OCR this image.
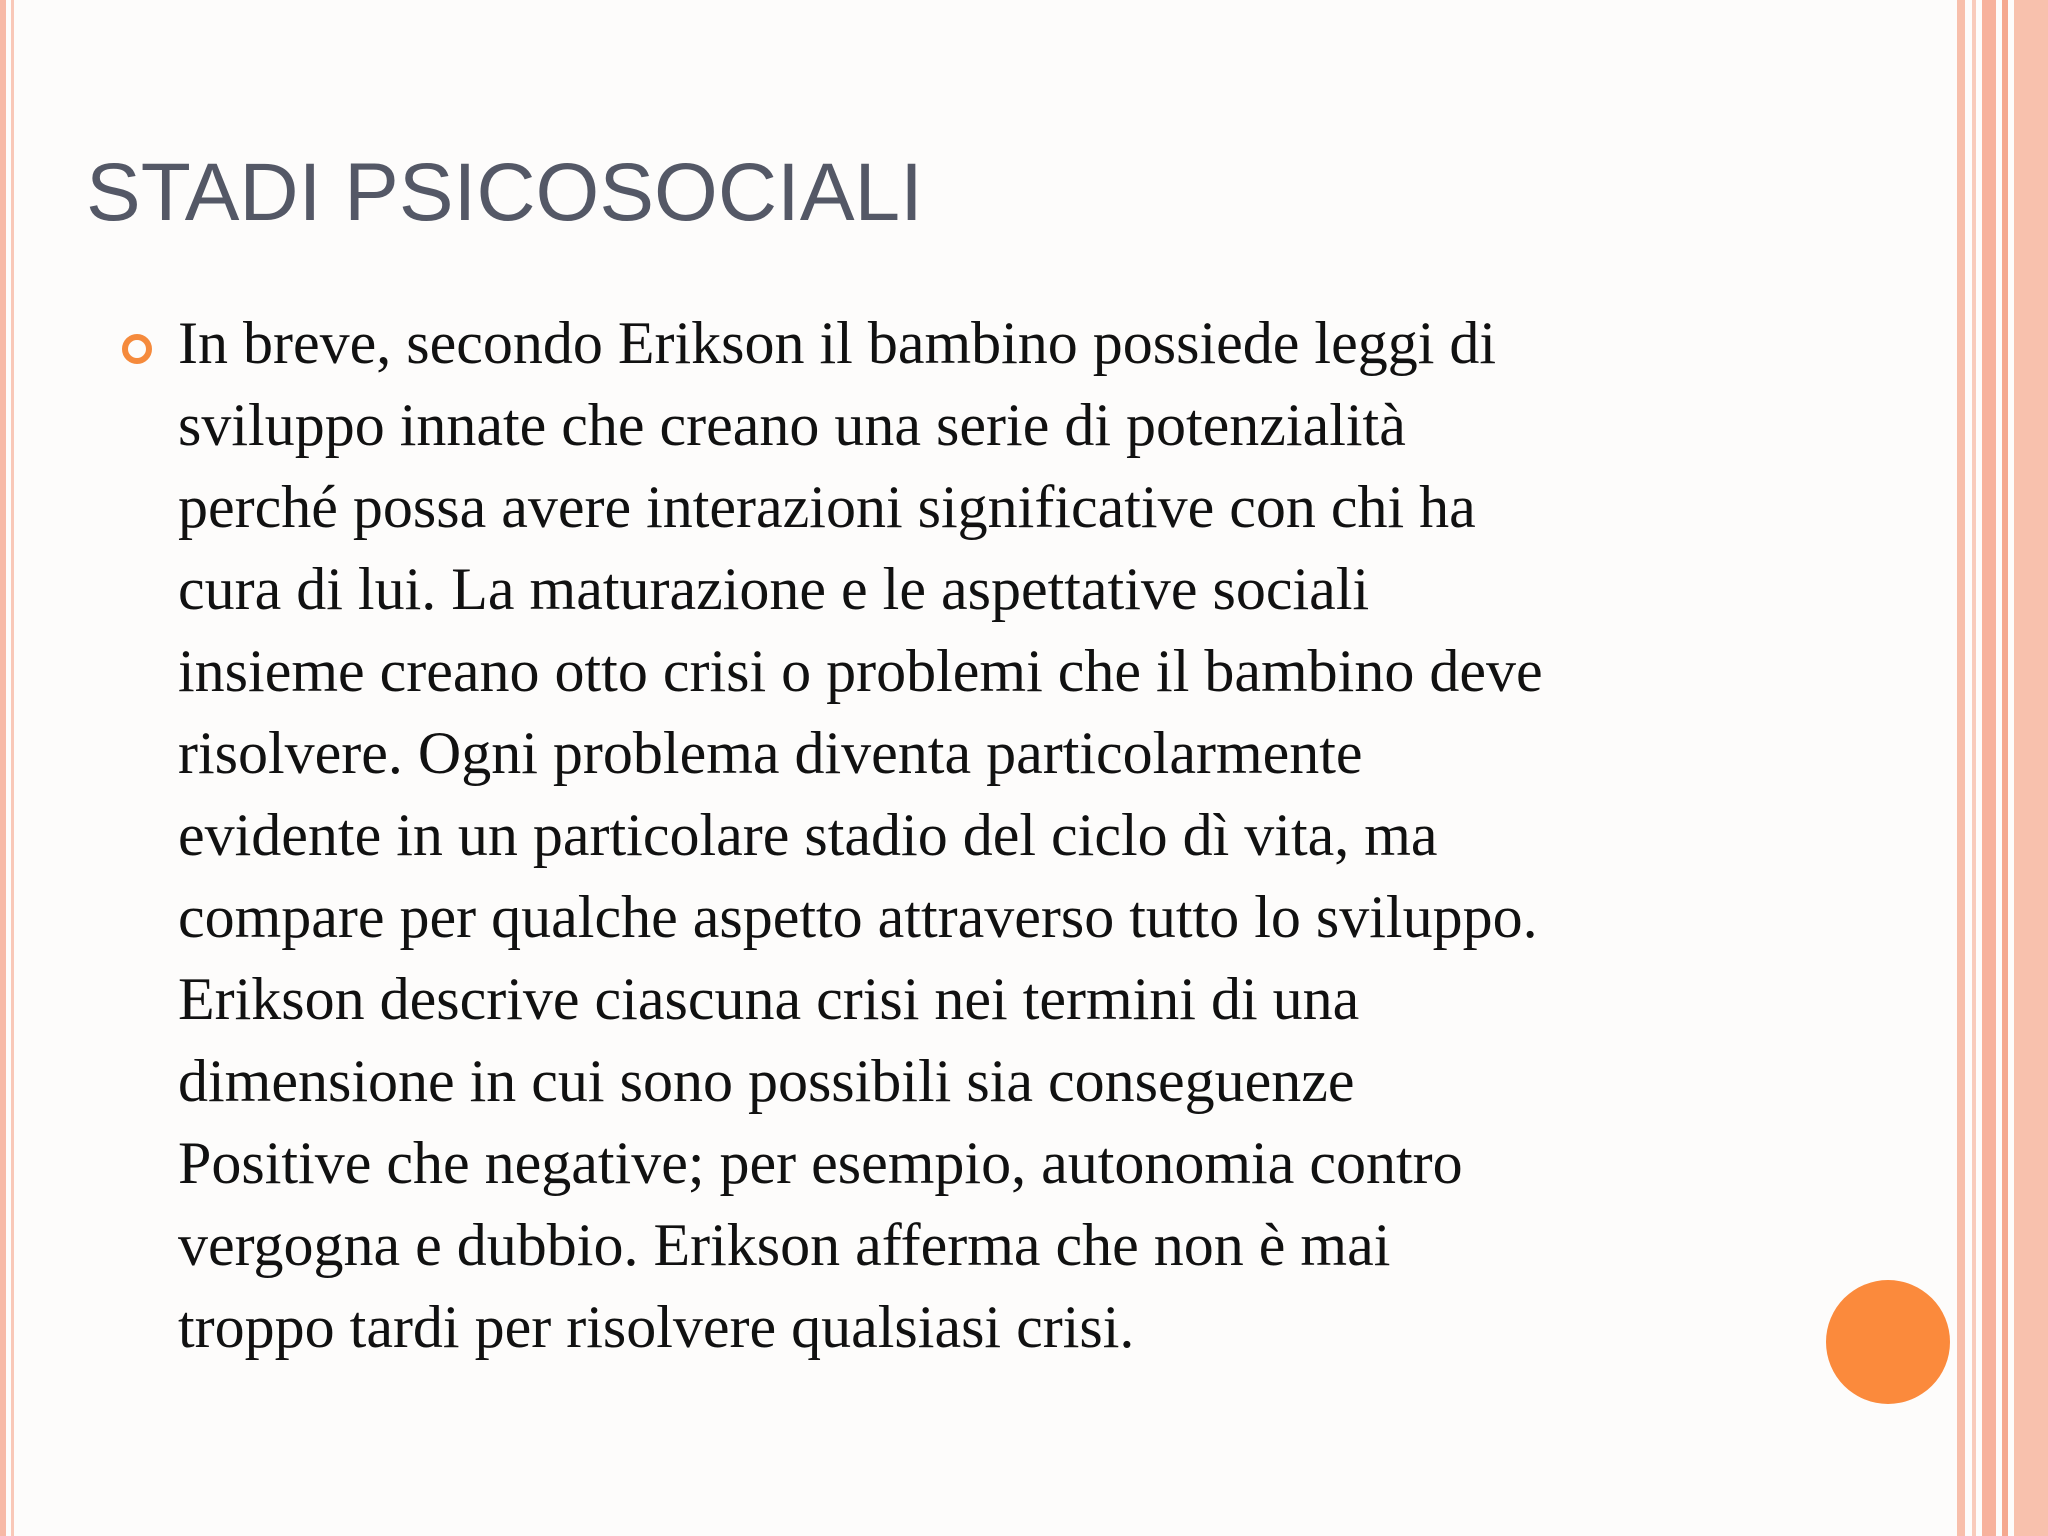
STADI PSICOSOCIALI

In breve, secondo Erikson il bambino possiede leggi di
sviluppo innate che creano una serie di potenzialità
perché possa avere interazioni significative con chi ha
cura di lui. La maturazione e le aspettative sociali
insieme creano otto crisi o problemi che il bambino deve
risolvere. Ogni problema diventa particolarmente
evidente in un particolare stadio del ciclo dì vita, ma
compare per qualche aspetto attraverso tutto lo sviluppo.
Erikson descrive ciascuna crisi nei termini di una
dimensione in cui sono possibili sia conseguenze
Positive che negative; per esempio, autonomia contro
vergogna e dubbio. Erikson afferma che non è mai
troppo tardi per risolvere qualsiasi crisi.
